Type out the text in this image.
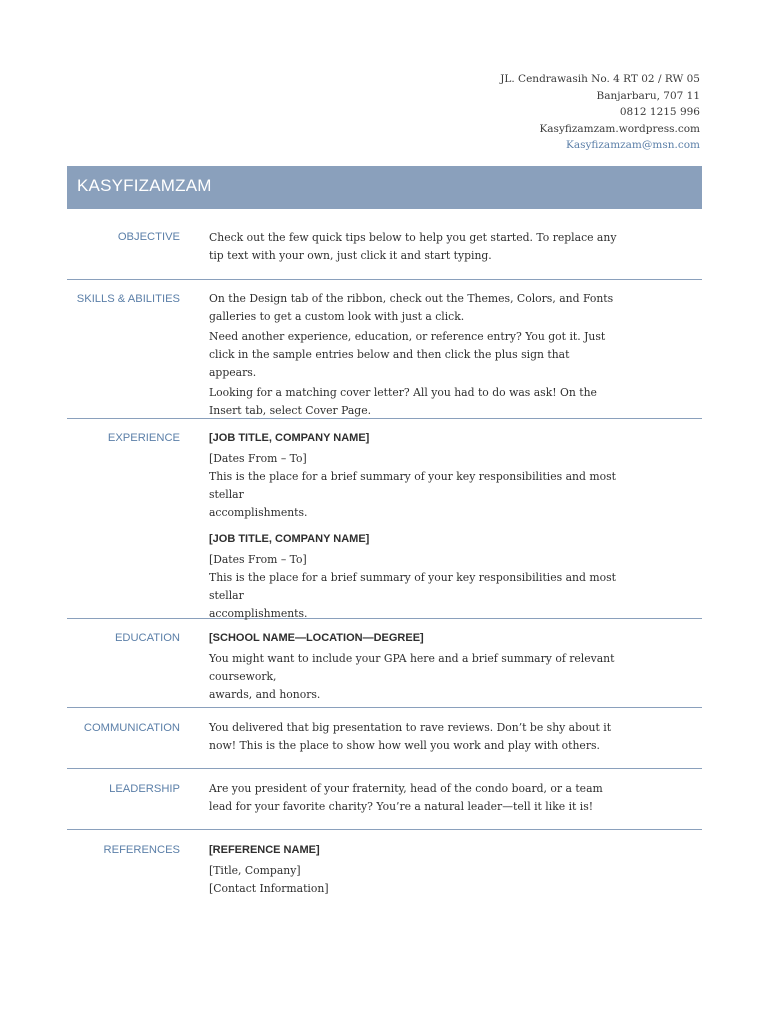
JL. Cendrawasih No. 4 RT 02 / RW 05
Banjarbaru, 707 11
0812 1215 996
Kasyfizamzam.wordpress.com
Kasyfizamzam@msn.com
KASYFIZAMZAM
OBJECTIVE	Check out the few quick tips below to help you get started. To replace any
tip text with your own, just click it and start typing.
SKILLS & ABILITIES	On the Design tab of the ribbon, check out the Themes, Colors, and Fonts
galleries to get a custom look with just a click.

Need another experience, education, or reference entry? You got it. Just
click in the sample entries below and then click the plus sign that appears.

Looking for a matching cover letter? All you had to do was ask! On the
Insert tab, select Cover Page.

EXPERIENCE	[JOB TITLE, COMPANY NAME]
[Dates From – To]
This is the place for a brief summary of your key responsibilities and most stellar
accomplishments.
[JOB TITLE, COMPANY NAME]
[Dates From – To]
This is the place for a brief summary of your key responsibilities and most stellar
accomplishments.
EDUCATION	[SCHOOL NAME—LOCATION—DEGREE]
You might want to include your GPA here and a brief summary of relevant coursework,
awards, and honors.
COMMUNICATION	You delivered that big presentation to rave reviews. Don’t be shy about it
now! This is the place to show how well you work and play with others.
LEADERSHIP	Are you president of your fraternity, head of the condo board, or a team
lead for your favorite charity? You’re a natural leader—tell it like it is!
REFERENCES	[REFERENCE NAME]
[Title, Company]
[Contact Information]
